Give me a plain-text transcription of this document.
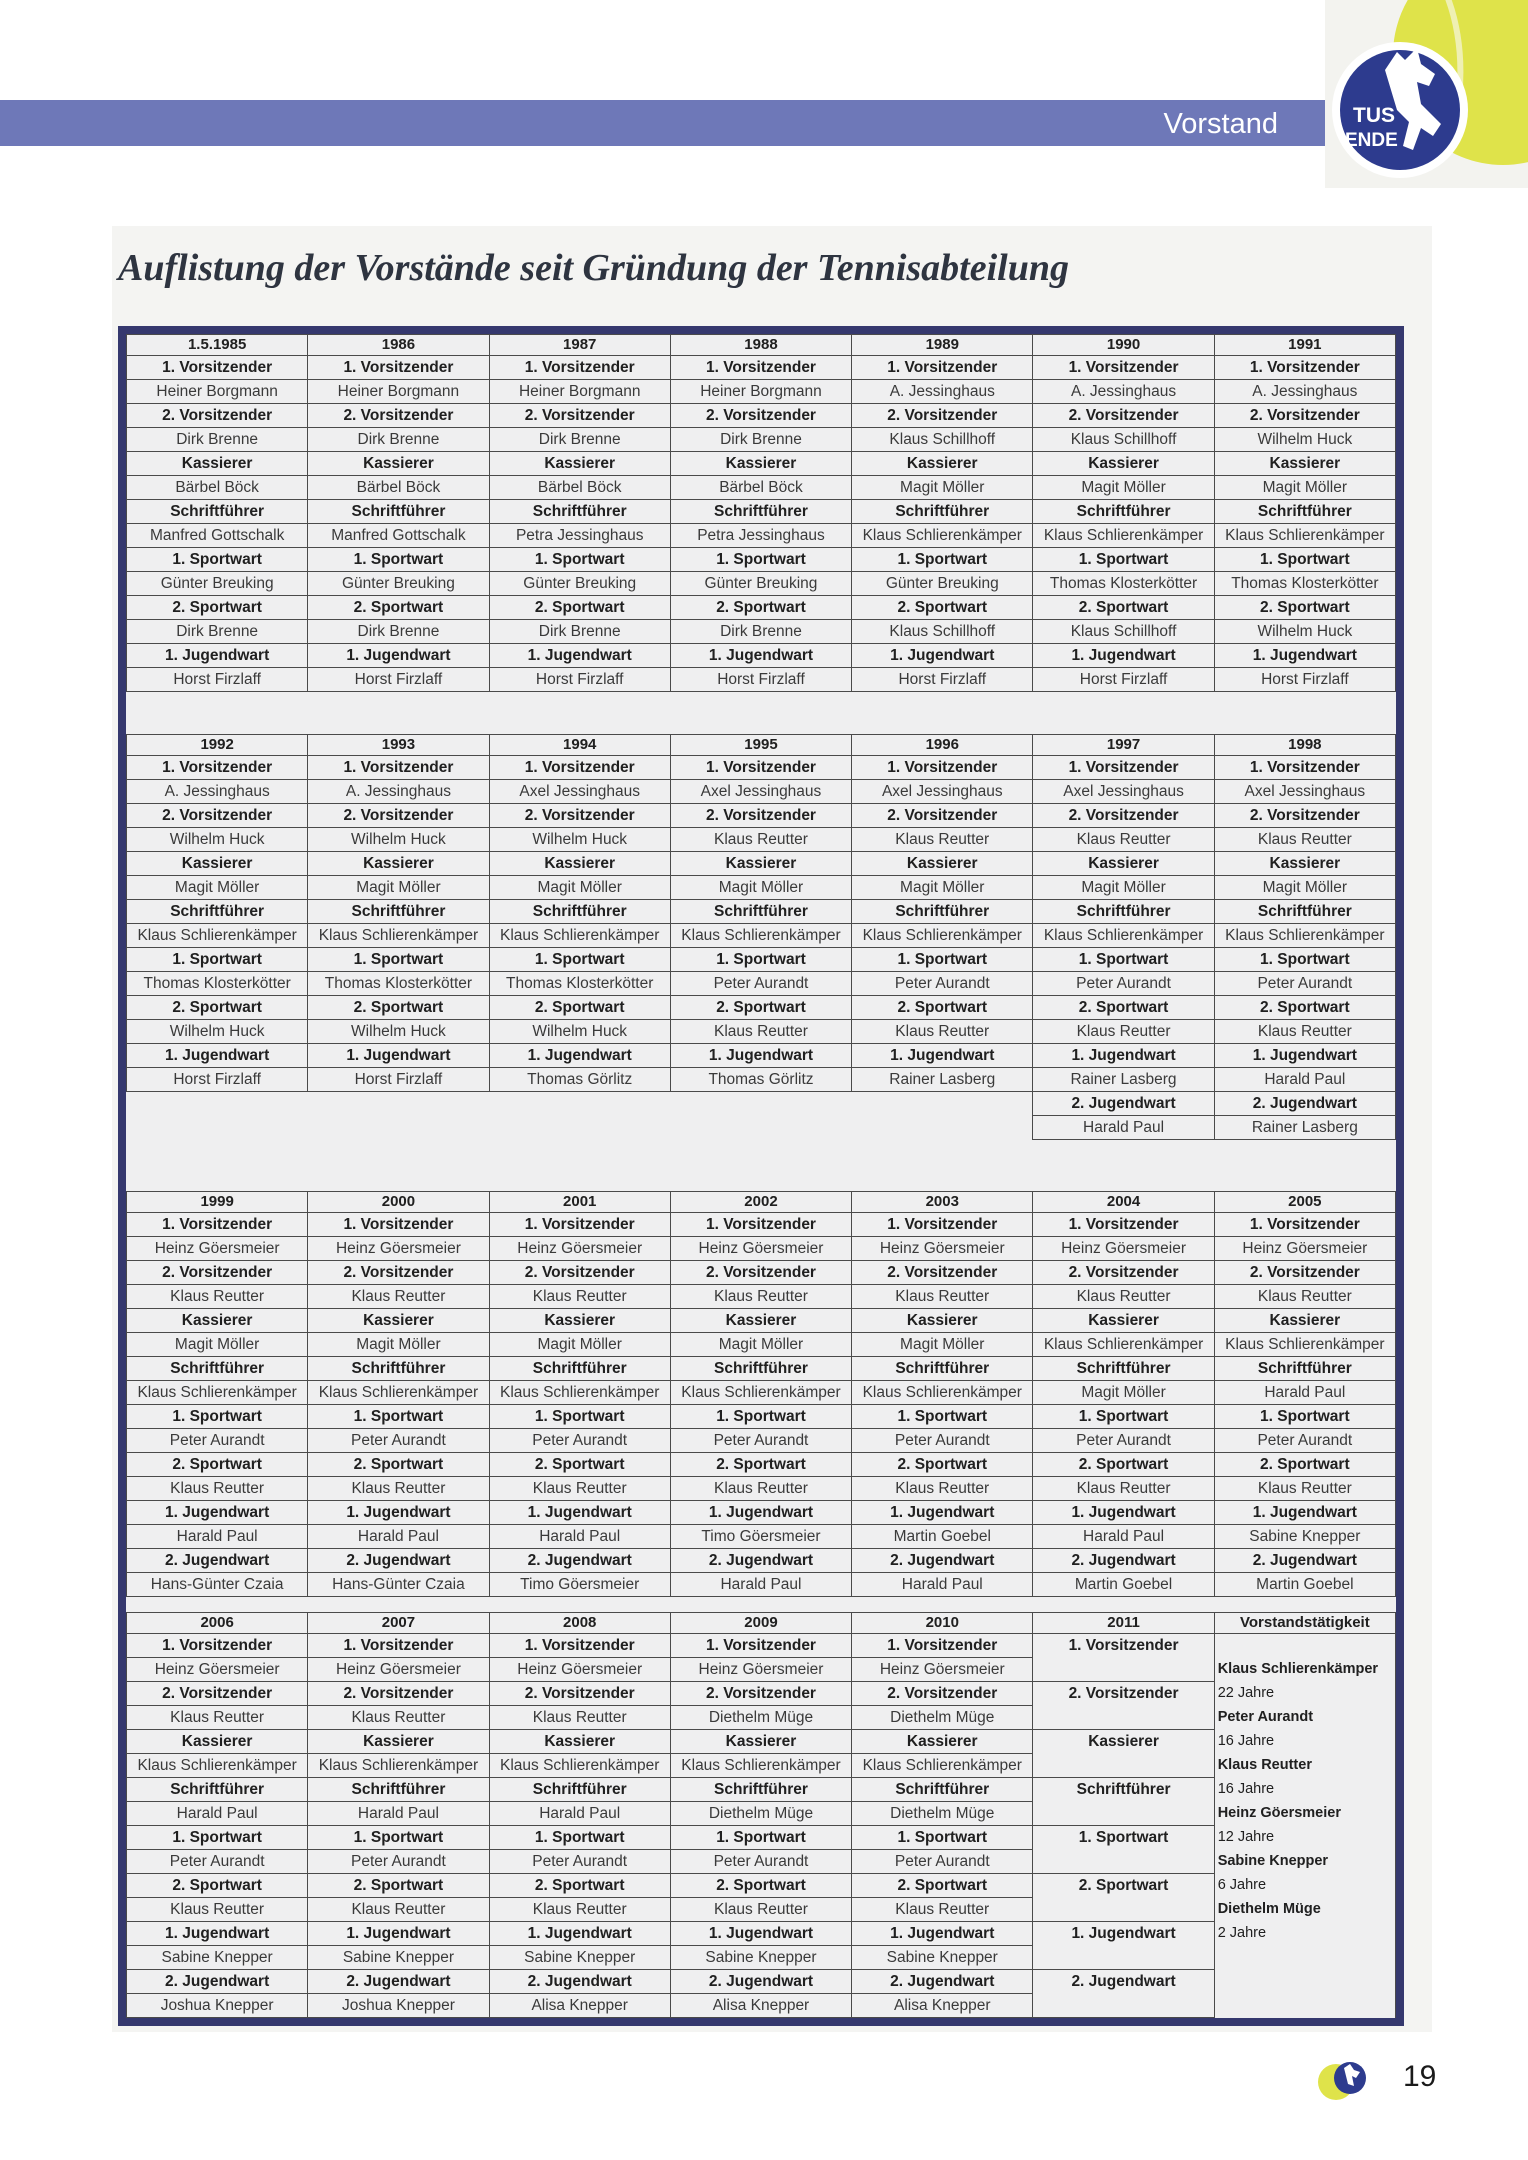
Vorstand	TUS
ENDE
Auflistung der Vorstände seit Gründung der Tennisabteilung
1.5.1985	1986	1987	1988	1989	1990	1991
1. Vorsitzender	1. Vorsitzender	1. Vorsitzender	1. Vorsitzender	1. Vorsitzender	1. Vorsitzender	1. Vorsitzender
Heiner Borgmann	Heiner Borgmann	Heiner Borgmann	Heiner Borgmann	A. Jessinghaus	A. Jessinghaus	A. Jessinghaus
2. Vorsitzender	2. Vorsitzender	2. Vorsitzender	2. Vorsitzender	2. Vorsitzender	2. Vorsitzender	2. Vorsitzender
Dirk Brenne	Dirk Brenne	Dirk Brenne	Dirk Brenne	Klaus Schillhoff	Klaus Schillhoff	Wilhelm Huck
Kassierer	Kassierer	Kassierer	Kassierer	Kassierer	Kassierer	Kassierer
Bärbel Böck	Bärbel Böck	Bärbel Böck	Bärbel Böck	Magit Möller	Magit Möller	Magit Möller
Schriftführer	Schriftführer	Schriftführer	Schriftführer	Schriftführer	Schriftführer	Schriftführer
Manfred Gottschalk	Manfred Gottschalk	Petra Jessinghaus	Petra Jessinghaus	Klaus Schlierenkämper	Klaus Schlierenkämper	Klaus Schlierenkämper
1. Sportwart	1. Sportwart	1. Sportwart	1. Sportwart	1. Sportwart	1. Sportwart	1. Sportwart
Günter Breuking	Günter Breuking	Günter Breuking	Günter Breuking	Günter Breuking	Thomas Klosterkötter	Thomas Klosterkötter
2. Sportwart	2. Sportwart	2. Sportwart	2. Sportwart	2. Sportwart	2. Sportwart	2. Sportwart
Dirk Brenne	Dirk Brenne	Dirk Brenne	Dirk Brenne	Klaus Schillhoff	Klaus Schillhoff	Wilhelm Huck
1. Jugendwart	1. Jugendwart	1. Jugendwart	1. Jugendwart	1. Jugendwart	1. Jugendwart	1. Jugendwart
Horst Firzlaff	Horst Firzlaff	Horst Firzlaff	Horst Firzlaff	Horst Firzlaff	Horst Firzlaff	Horst Firzlaff
1992	1993	1994	1995	1996	1997	1998
1. Vorsitzender	1. Vorsitzender	1. Vorsitzender	1. Vorsitzender	1. Vorsitzender	1. Vorsitzender	1. Vorsitzender
A. Jessinghaus	A. Jessinghaus	Axel Jessinghaus	Axel Jessinghaus	Axel Jessinghaus	Axel Jessinghaus	Axel Jessinghaus
2. Vorsitzender	2. Vorsitzender	2. Vorsitzender	2. Vorsitzender	2. Vorsitzender	2. Vorsitzender	2. Vorsitzender
Wilhelm Huck	Wilhelm Huck	Wilhelm Huck	Klaus Reutter	Klaus Reutter	Klaus Reutter	Klaus Reutter
Kassierer	Kassierer	Kassierer	Kassierer	Kassierer	Kassierer	Kassierer
Magit Möller	Magit Möller	Magit Möller	Magit Möller	Magit Möller	Magit Möller	Magit Möller
Schriftführer	Schriftführer	Schriftführer	Schriftführer	Schriftführer	Schriftführer	Schriftführer
Klaus Schlierenkämper	Klaus Schlierenkämper	Klaus Schlierenkämper	Klaus Schlierenkämper	Klaus Schlierenkämper	Klaus Schlierenkämper	Klaus Schlierenkämper
1. Sportwart	1. Sportwart	1. Sportwart	1. Sportwart	1. Sportwart	1. Sportwart	1. Sportwart
Thomas Klosterkötter	Thomas Klosterkötter	Thomas Klosterkötter	Peter Aurandt	Peter Aurandt	Peter Aurandt	Peter Aurandt
2. Sportwart	2. Sportwart	2. Sportwart	2. Sportwart	2. Sportwart	2. Sportwart	2. Sportwart
Wilhelm Huck	Wilhelm Huck	Wilhelm Huck	Klaus Reutter	Klaus Reutter	Klaus Reutter	Klaus Reutter
1. Jugendwart	1. Jugendwart	1. Jugendwart	1. Jugendwart	1. Jugendwart	1. Jugendwart	1. Jugendwart
Horst Firzlaff	Horst Firzlaff	Thomas Görlitz	Thomas Görlitz	Rainer Lasberg	Rainer Lasberg	Harald Paul
					2. Jugendwart	2. Jugendwart
					Harald Paul	Rainer Lasberg
1999	2000	2001	2002	2003	2004	2005
1. Vorsitzender	1. Vorsitzender	1. Vorsitzender	1. Vorsitzender	1. Vorsitzender	1. Vorsitzender	1. Vorsitzender
Heinz Göersmeier	Heinz Göersmeier	Heinz Göersmeier	Heinz Göersmeier	Heinz Göersmeier	Heinz Göersmeier	Heinz Göersmeier
2. Vorsitzender	2. Vorsitzender	2. Vorsitzender	2. Vorsitzender	2. Vorsitzender	2. Vorsitzender	2. Vorsitzender
Klaus Reutter	Klaus Reutter	Klaus Reutter	Klaus Reutter	Klaus Reutter	Klaus Reutter	Klaus Reutter
Kassierer	Kassierer	Kassierer	Kassierer	Kassierer	Kassierer	Kassierer
Magit Möller	Magit Möller	Magit Möller	Magit Möller	Magit Möller	Klaus Schlierenkämper	Klaus Schlierenkämper
Schriftführer	Schriftführer	Schriftführer	Schriftführer	Schriftführer	Schriftführer	Schriftführer
Klaus Schlierenkämper	Klaus Schlierenkämper	Klaus Schlierenkämper	Klaus Schlierenkämper	Klaus Schlierenkämper	Magit Möller	Harald Paul
1. Sportwart	1. Sportwart	1. Sportwart	1. Sportwart	1. Sportwart	1. Sportwart	1. Sportwart
Peter Aurandt	Peter Aurandt	Peter Aurandt	Peter Aurandt	Peter Aurandt	Peter Aurandt	Peter Aurandt
2. Sportwart	2. Sportwart	2. Sportwart	2. Sportwart	2. Sportwart	2. Sportwart	2. Sportwart
Klaus Reutter	Klaus Reutter	Klaus Reutter	Klaus Reutter	Klaus Reutter	Klaus Reutter	Klaus Reutter
1. Jugendwart	1. Jugendwart	1. Jugendwart	1. Jugendwart	1. Jugendwart	1. Jugendwart	1. Jugendwart
Harald Paul	Harald Paul	Harald Paul	Timo Göersmeier	Martin Goebel	Harald Paul	Sabine Knepper
2. Jugendwart	2. Jugendwart	2. Jugendwart	2. Jugendwart	2. Jugendwart	2. Jugendwart	2. Jugendwart
Hans-Günter Czaia	Hans-Günter Czaia	Timo Göersmeier	Harald Paul	Harald Paul	Martin Goebel	Martin Goebel
2006	2007	2008	2009	2010	2011	Vorstandstätigkeit
1. Vorsitzender	1. Vorsitzender	1. Vorsitzender	1. Vorsitzender	1. Vorsitzender	1. Vorsitzender	
Heinz Göersmeier	Heinz Göersmeier	Heinz Göersmeier	Heinz Göersmeier	Heinz Göersmeier		Klaus Schlierenkämper
2. Vorsitzender	2. Vorsitzender	2. Vorsitzender	2. Vorsitzender	2. Vorsitzender	2. Vorsitzender	22 Jahre
Klaus Reutter	Klaus Reutter	Klaus Reutter	Diethelm Müge	Diethelm Müge		Peter Aurandt
Kassierer	Kassierer	Kassierer	Kassierer	Kassierer	Kassierer	16 Jahre
Klaus Schlierenkämper	Klaus Schlierenkämper	Klaus Schlierenkämper	Klaus Schlierenkämper	Klaus Schlierenkämper		Klaus Reutter
Schriftführer	Schriftführer	Schriftführer	Schriftführer	Schriftführer	Schriftführer	16 Jahre
Harald Paul	Harald Paul	Harald Paul	Diethelm Müge	Diethelm Müge		Heinz Göersmeier
1. Sportwart	1. Sportwart	1. Sportwart	1. Sportwart	1. Sportwart	1. Sportwart	12 Jahre
Peter Aurandt	Peter Aurandt	Peter Aurandt	Peter Aurandt	Peter Aurandt		Sabine Knepper
2. Sportwart	2. Sportwart	2. Sportwart	2. Sportwart	2. Sportwart	2. Sportwart	6 Jahre
Klaus Reutter	Klaus Reutter	Klaus Reutter	Klaus Reutter	Klaus Reutter		Diethelm Müge
1. Jugendwart	1. Jugendwart	1. Jugendwart	1. Jugendwart	1. Jugendwart	1. Jugendwart	2 Jahre
Sabine Knepper	Sabine Knepper	Sabine Knepper	Sabine Knepper	Sabine Knepper		
2. Jugendwart	2. Jugendwart	2. Jugendwart	2. Jugendwart	2. Jugendwart	2. Jugendwart	
Joshua Knepper	Joshua Knepper	Alisa Knepper	Alisa Knepper	Alisa Knepper		
19
